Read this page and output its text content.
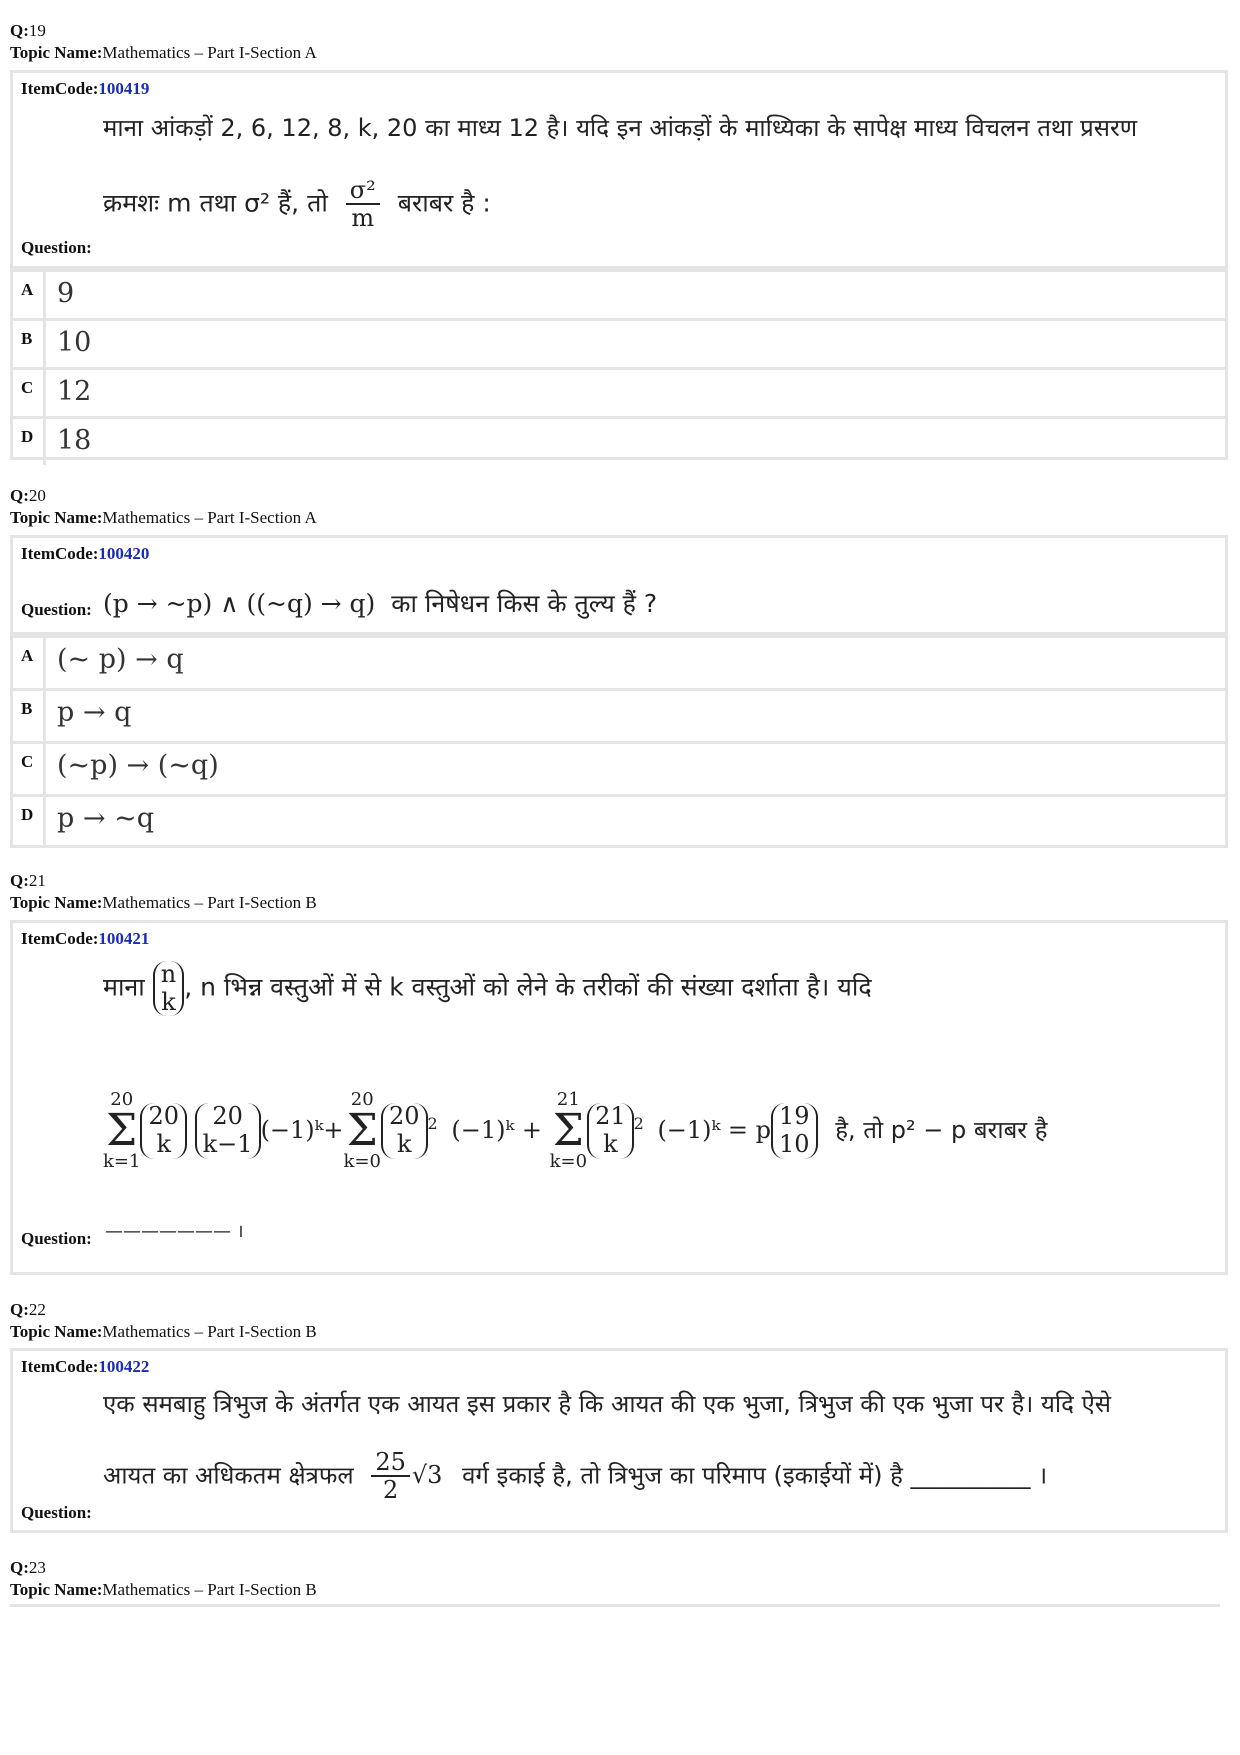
Q:19
Topic Name:Mathematics – Part I-Section A
ItemCode:100419
माना आंकड़ों 2, 6, 12, 8, k, 20 का माध्य 12 है। यदि इन आंकड़ों के माध्यिका के सापेक्ष माध्य विचलन तथा प्रसरण
क्रमशः m तथा σ² हैं, तो $\frac{\text{σ²}}{m}$ बराबर है :
Question:
A 9
B 10
C 12
D 18
Q:20
Topic Name:Mathematics – Part I-Section A
ItemCode:100420
Question: (p → ~p) ∧ ((~q) → q) का निषेधन किस के तुल्य हैं ?
A (~ p) → q
B p → q
C (~p) → (~q)
D p → ~q
Q:21
Topic Name:Mathematics – Part I-Section B
ItemCode:100421
माना n
k , n भिन्न वस्तुओं में से k वस्तुओं को लेने के तरीकों की संख्या दर्शाता है। यदि
20
Σ
k=1
20
k

20
k−1 (−1)ᵏ+
20
Σ
k=0
20
k
$^2$ (−1)ᵏ +
21
Σ
k=0
21
k
$^2$ (−1)ᵏ = p 19
10 है, तो p² − p बराबर है
Question: ——————— ।
Q:22
Topic Name:Mathematics – Part I-Section B
ItemCode:100422
एक समबाहु त्रिभुज के अंतर्गत एक आयत इस प्रकार है कि आयत की एक भुजा, त्रिभुज की एक भुजा पर है। यदि ऐसे
आयत का अधिकतम क्षेत्रफल $\frac{25}{2} √3$ वर्ग इकाई है, तो त्रिभुज का परिमाप (इकाईयों में) है __________ ।
Question:
Q:23
Topic Name:Mathematics – Part I-Section B
